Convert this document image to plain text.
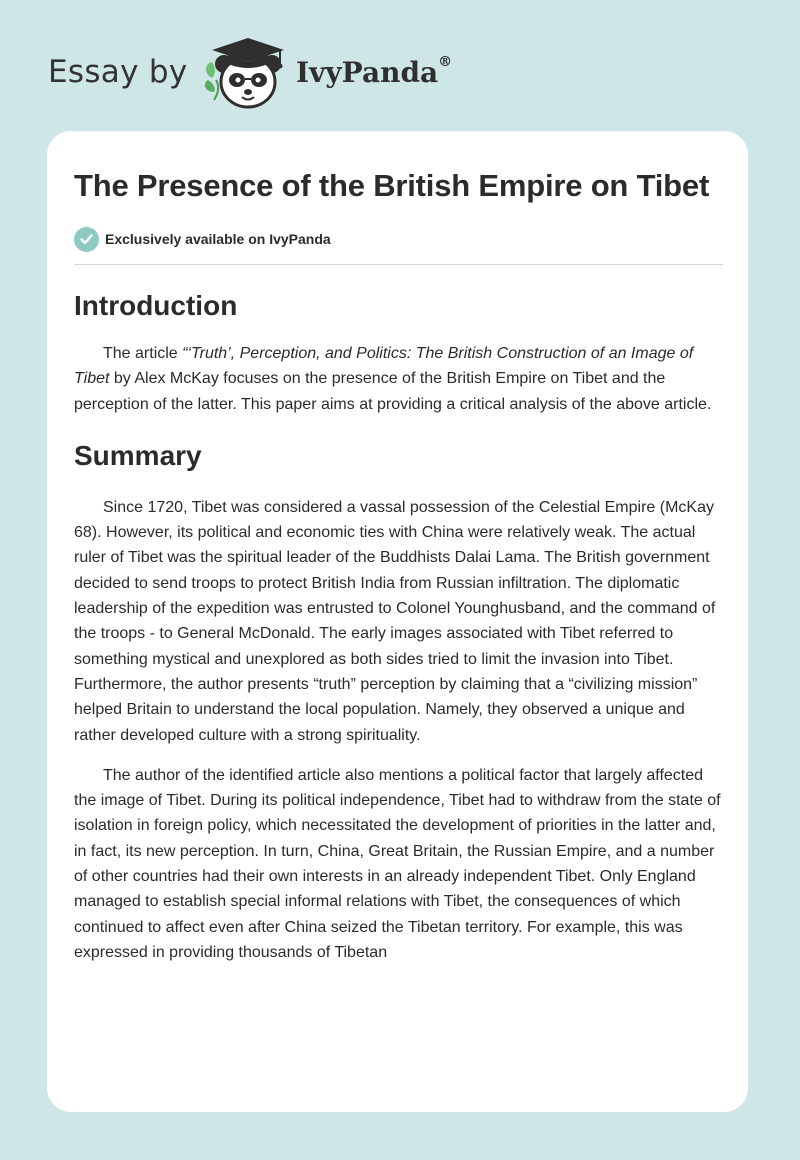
Essay by	IvyPanda®
The Presence of the British Empire on Tibet
Exclusively available on IvyPanda
Introduction

The article “‘Truth’, Perception, and Politics: The British Construction of an Image of Tibet by Alex McKay focuses on the presence of the British Empire on Tibet and the perception of the latter. This paper aims at providing a critical analysis of the above article.

Summary

Since 1720, Tibet was considered a vassal possession of the Celestial Empire (McKay 68). However, its political and economic ties with China were relatively weak. The actual ruler of Tibet was the spiritual leader of the Buddhists Dalai Lama. The British government decided to send troops to protect British India from Russian infiltration. The diplomatic leadership of the expedition was entrusted to Colonel Younghusband, and the command of the troops - to General McDonald. The early images associated with Tibet referred to something mystical and unexplored as both sides tried to limit the invasion into Tibet. Furthermore, the author presents “truth” perception by claiming that a “civilizing mission” helped Britain to understand the local population. Namely, they observed a unique and rather developed culture with a strong spirituality.

The author of the identified article also mentions a political factor that largely affected the image of Tibet. During its political independence, Tibet had to withdraw from the state of isolation in foreign policy, which necessitated the development of priorities in the latter and, in fact, its new perception. In turn, China, Great Britain, the Russian Empire, and a number of other countries had their own interests in an already independent Tibet. Only England managed to establish special informal relations with Tibet, the consequences of which continued to affect even after China seized the Tibetan territory. For example, this was expressed in providing thousands of Tibetan
